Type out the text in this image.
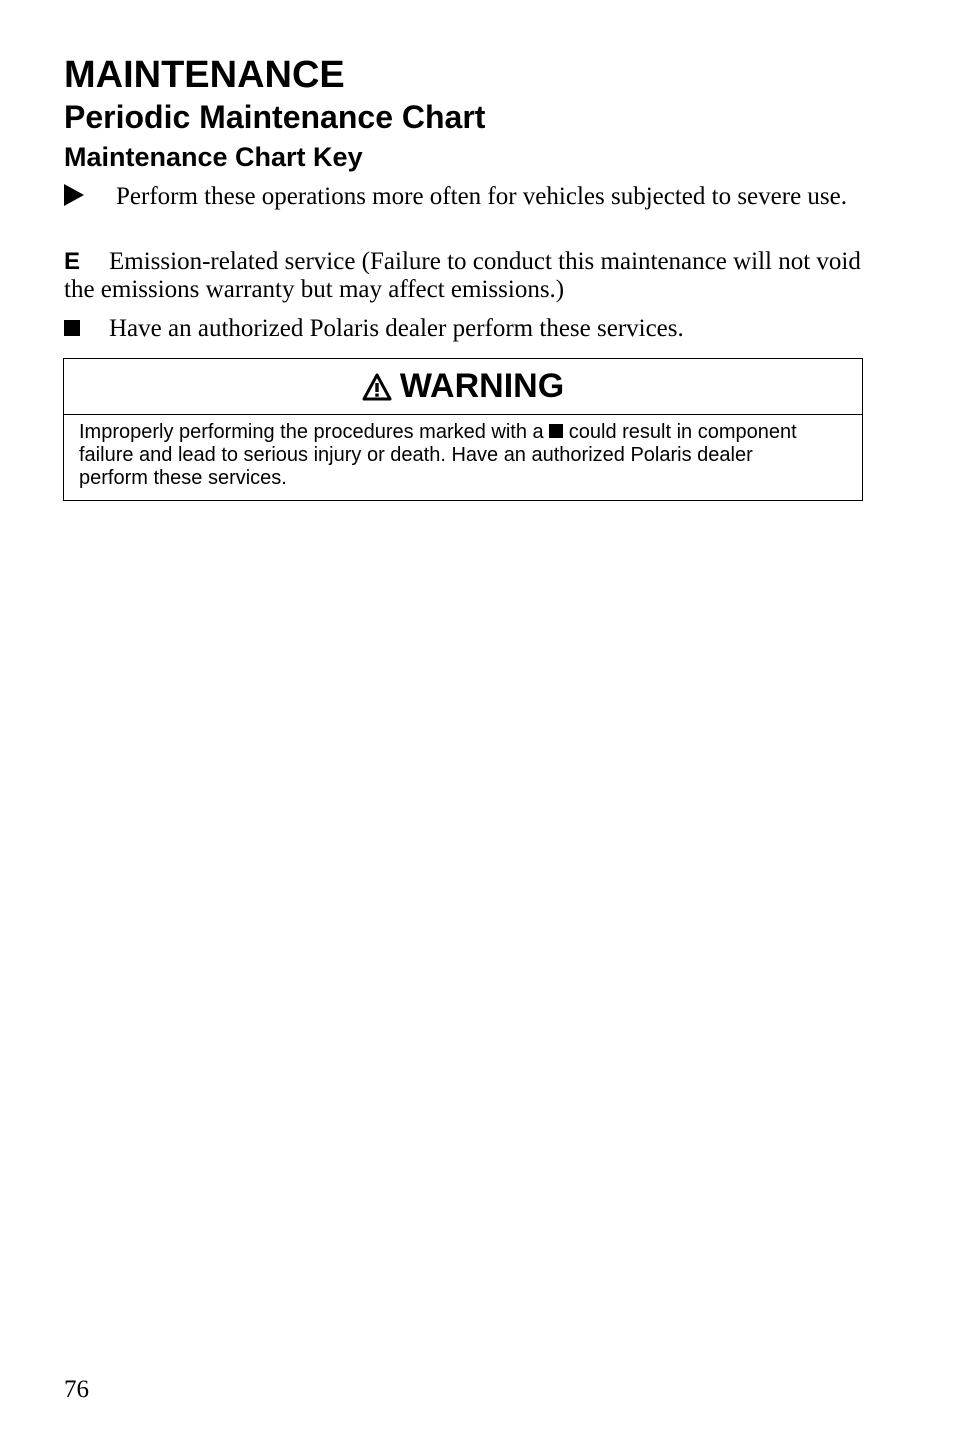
MAINTENANCE
Periodic Maintenance Chart
Maintenance Chart Key
Perform these operations more often for vehicles subjected to severe use.
E Emission-related service (Failure to conduct this maintenance will not void the emissions warranty but may affect emissions.)
Have an authorized Polaris dealer perform these services.
WARNING
Improperly performing the procedures marked with a could result in component failure and lead to serious injury or death. Have an authorized Polaris dealer perform these services.
76
